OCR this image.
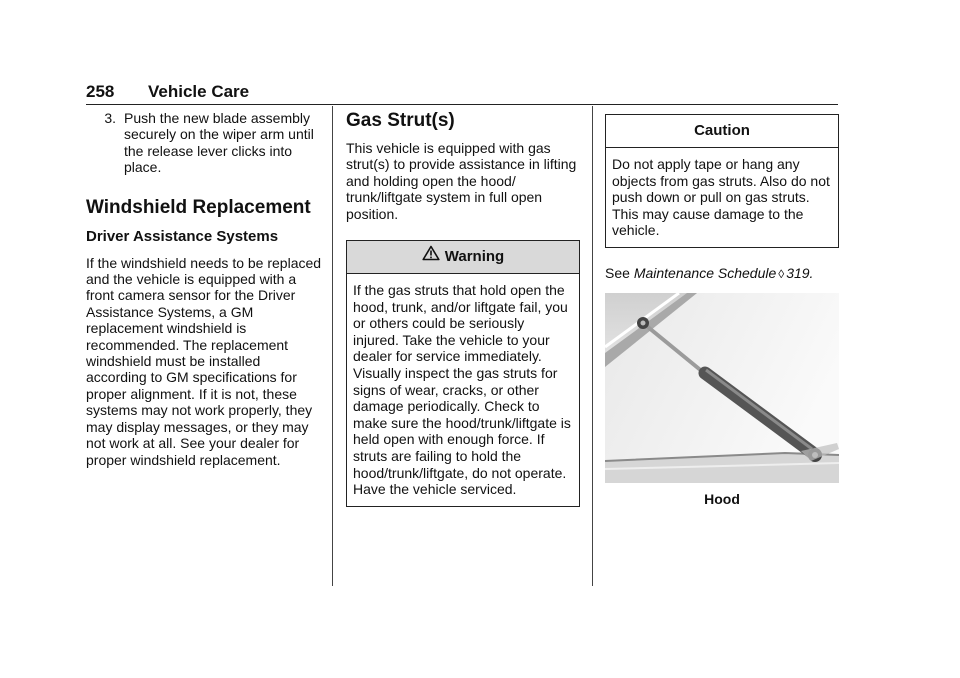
258 Vehicle Care
3. Push the new blade assembly securely on the wiper arm until the release lever clicks into place.
Windshield Replacement
Driver Assistance Systems

If the windshield needs to be replaced and the vehicle is equipped with a front camera sensor for the Driver Assistance Systems, a GM replacement windshield is recommended. The replacement windshield must be installed according to GM specifications for proper alignment. If it is not, these systems may not work properly, they may display messages, or they may not work at all. See your dealer for proper windshield replacement.

Gas Strut(s)

This vehicle is equipped with gas strut(s) to provide assistance in lifting and holding open the hood/ trunk/liftgate system in full open position.

Warning
If the gas struts that hold open the hood, trunk, and/or liftgate fail, you or others could be seriously injured. Take the vehicle to your dealer for service immediately. Visually inspect the gas struts for signs of wear, cracks, or other damage periodically. Check to make sure the hood/trunk/liftgate is held open with enough force. If struts are failing to hold the hood/trunk/liftgate, do not operate. Have the vehicle serviced.
Caution
Do not apply tape or hang any objects from gas struts. Also do not push down or pull on gas struts. This may cause damage to the vehicle.

See Maintenance Schedule ◊ 319.

Hood
